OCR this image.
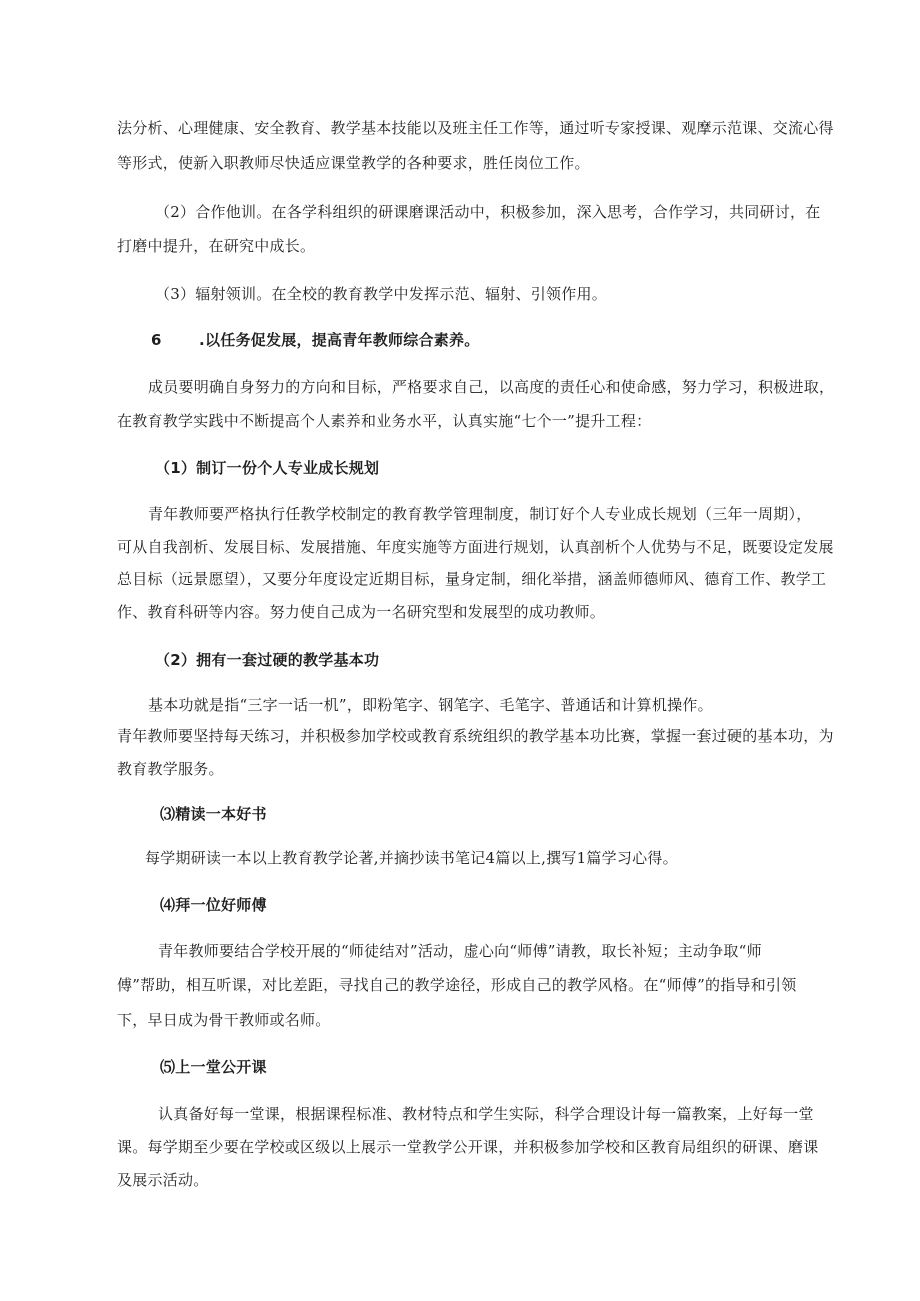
法分析、心理健康、安全教育、教学基本技能以及班主任工作等，通过听专家授课、观摩示范课、交流心得
等形式，使新入职教师尽快适应课堂教学的各种要求，胜任岗位工作。
（2）合作他训。在各学科组织的研课磨课活动中，积极参加，深入思考，合作学习，共同研讨，在
打磨中提升，在研究中成长。
（3）辐射领训。在全校的教育教学中发挥示范、辐射、引领作用。
6 .以任务促发展，提高青年教师综合素养。
成员要明确自身努力的方向和目标，严格要求自己，以高度的责任心和使命感，努力学习，积极进取，
在教育教学实践中不断提高个人素养和业务水平，认真实施“七个一”提升工程：
（1）制订一份个人专业成长规划
青年教师要严格执行任教学校制定的教育教学管理制度，制订好个人专业成长规划（三年一周期），
可从自我剖析、发展目标、发展措施、年度实施等方面进行规划，认真剖析个人优势与不足，既要设定发展
总目标（远景愿望），又要分年度设定近期目标，量身定制，细化举措，涵盖师德师风、德育工作、教学工
作、教育科研等内容。努力使自己成为一名研究型和发展型的成功教师。
（2）拥有一套过硬的教学基本功
基本功就是指“三字一话一机”，即粉笔字、钢笔字、毛笔字、普通话和计算机操作。
青年教师要坚持每天练习，并积极参加学校或教育系统组织的教学基本功比赛，掌握一套过硬的基本功，为
教育教学服务。
⑶精读一本好书
每学期研读一本以上教育教学论著,并摘抄读书笔记4篇以上,撰写1篇学习心得。
⑷拜一位好师傅
青年教师要结合学校开展的“师徒结对”活动，虚心向“师傅”请教，取长补短；主动争取“师
傅”帮助，相互听课，对比差距，寻找自己的教学途径，形成自己的教学风格。在“师傅”的指导和引领
下，早日成为骨干教师或名师。
⑸上一堂公开课
认真备好每一堂课，根据课程标准、教材特点和学生实际，科学合理设计每一篇教案，上好每一堂
课。每学期至少要在学校或区级以上展示一堂教学公开课，并积极参加学校和区教育局组织的研课、磨课
及展示活动。
